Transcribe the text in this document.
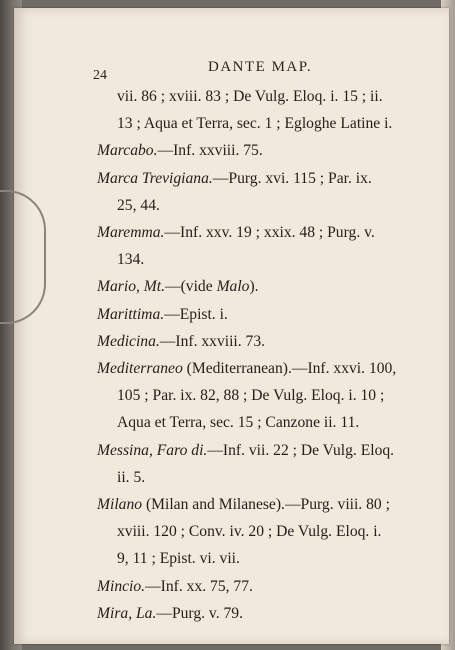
24
DANTE MAP.
vii. 86 ; xviii. 83 ; De Vulg. Eloq. i. 15 ; ii.
13 ; Aqua et Terra, sec. 1 ; Egloghe Latine i.
Marcabo.—Inf. xxviii. 75.
Marca Trevigiana.—Purg. xvi. 115 ; Par. ix.
25, 44.
Maremma.—Inf. xxv. 19 ; xxix. 48 ; Purg. v.
134.
Mario, Mt.—(vide Malo).
Marittima.—Epist. i.
Medicina.—Inf. xxviii. 73.
Mediterraneo (Mediterranean).—Inf. xxvi. 100,
105 ; Par. ix. 82, 88 ; De Vulg. Eloq. i. 10 ;
Aqua et Terra, sec. 15 ; Canzone ii. 11.
Messina, Faro di.—Inf. vii. 22 ; De Vulg. Eloq.
ii. 5.
Milano (Milan and Milanese).—Purg. viii. 80 ;
xviii. 120 ; Conv. iv. 20 ; De Vulg. Eloq. i.
9, 11 ; Epist. vi. vii.
Mincio.—Inf. xx. 75, 77.
Mira, La.—Purg. v. 79.
